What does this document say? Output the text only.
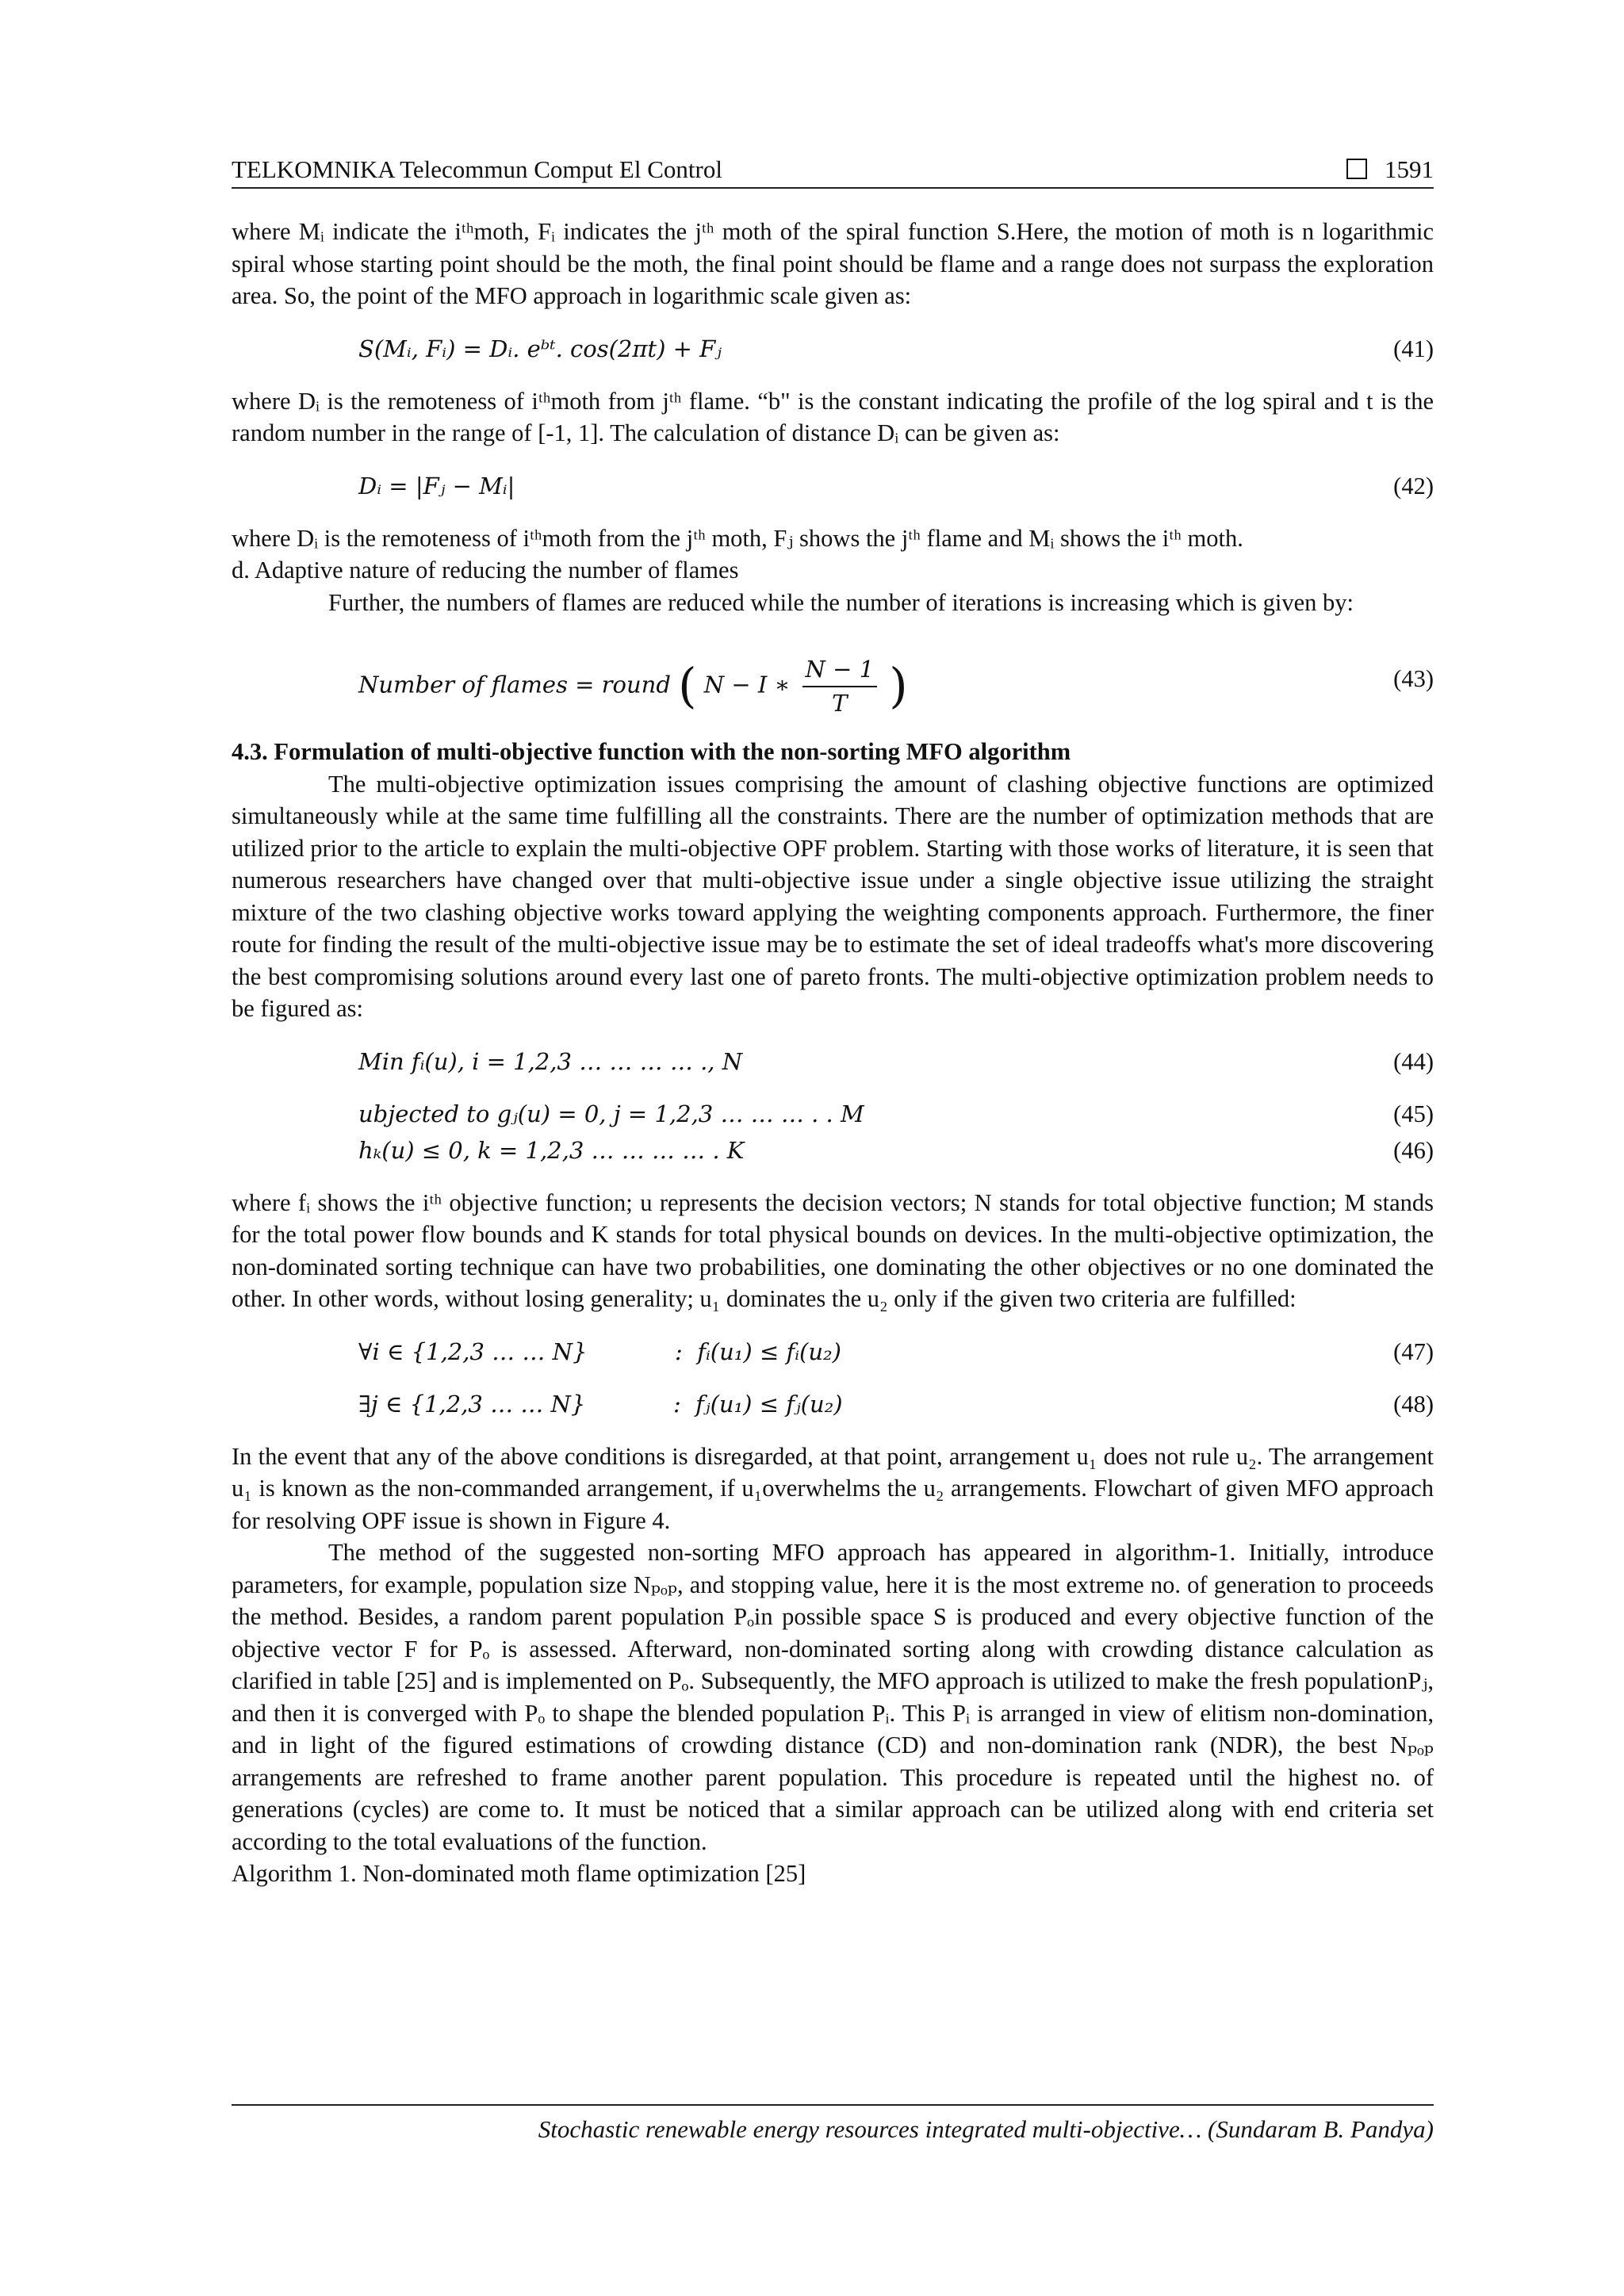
TELKOMNIKA Telecommun Comput El Control	1591

where Mᵢ indicate the iᵗʰmoth, Fᵢ indicates the jᵗʰ moth of the spiral function S.Here, the motion of moth is n logarithmic spiral whose starting point should be the moth, the final point should be flame and a range does not surpass the exploration area. So, the point of the MFO approach in logarithmic scale given as:

S(Mᵢ, Fᵢ) = Dᵢ. eᵇᵗ. cos(2πt) + Fⱼ	(41)

where Dᵢ is the remoteness of iᵗʰmoth from jᵗʰ flame. “b" is the constant indicating the profile of the log spiral and t is the random number in the range of [-1, 1]. The calculation of distance Dᵢ can be given as:

Dᵢ = |Fⱼ − Mᵢ|	(42)

where Dᵢ is the remoteness of iᵗʰmoth from the jᵗʰ moth, Fⱼ shows the jᵗʰ flame and Mᵢ shows the iᵗʰ moth.

d. Adaptive nature of reducing the number of flames

Further, the numbers of flames are reduced while the number of iterations is increasing which is given by:

Number of flames = round ( N − I ∗ $\frac{N - 1}{T}$ )	(43)

4.3. Formulation of multi-objective function with the non-sorting MFO algorithm

The multi-objective optimization issues comprising the amount of clashing objective functions are optimized simultaneously while at the same time fulfilling all the constraints. There are the number of optimization methods that are utilized prior to the article to explain the multi-objective OPF problem. Starting with those works of literature, it is seen that numerous researchers have changed over that multi-objective issue under a single objective issue utilizing the straight mixture of the two clashing objective works toward applying the weighting components approach. Furthermore, the finer route for finding the result of the multi-objective issue may be to estimate the set of ideal tradeoffs what's more discovering the best compromising solutions around every last one of pareto fronts. The multi-objective optimization problem needs to be figured as:

Min fᵢ(u), i = 1,2,3 … … … … ., N	(44)
ubjected to gⱼ(u) = 0, j = 1,2,3 … … … . . M	(45)
hₖ(u) ≤ 0, k = 1,2,3 … … … … . K	(46)

where fᵢ shows the iᵗʰ objective function; u represents the decision vectors; N stands for total objective function; M stands for the total power flow bounds and K stands for total physical bounds on devices. In the multi-objective optimization, the non-dominated sorting technique can have two probabilities, one dominating the other objectives or no one dominated the other. In other words, without losing generality; u₁ dominates the u₂ only if the given two criteria are fulfilled:

∀i ∈ {1,2,3 … … N}            :  fᵢ(u₁) ≤ fᵢ(u₂)	(47)
∃j ∈ {1,2,3 … … N}            :  fⱼ(u₁) ≤ fⱼ(u₂)	(48)

In the event that any of the above conditions is disregarded, at that point, arrangement u₁ does not rule u₂. The arrangement u₁ is known as the non-commanded arrangement, if u₁overwhelms the u₂ arrangements. Flowchart of given MFO approach for resolving OPF issue is shown in Figure 4.

The method of the suggested non-sorting MFO approach has appeared in algorithm-1. Initially, introduce parameters, for example, population size Nₚₒₚ, and stopping value, here it is the most extreme no. of generation to proceeds the method. Besides, a random parent population Pₒin possible space S is produced and every objective function of the objective vector F for Pₒ is assessed. Afterward, non-dominated sorting along with crowding distance calculation as clarified in table [25] and is implemented on Pₒ. Subsequently, the MFO approach is utilized to make the fresh populationPⱼ, and then it is converged with Pₒ to shape the blended population Pᵢ. This Pᵢ is arranged in view of elitism non-domination, and in light of the figured estimations of crowding distance (CD) and non-domination rank (NDR), the best Nₚₒₚ arrangements are refreshed to frame another parent population. This procedure is repeated until the highest no. of generations (cycles) are come to. It must be noticed that a similar approach can be utilized along with end criteria set according to the total evaluations of the function.

Algorithm 1. Non-dominated moth flame optimization [25]

Stochastic renewable energy resources integrated multi-objective… (Sundaram B. Pandya)
